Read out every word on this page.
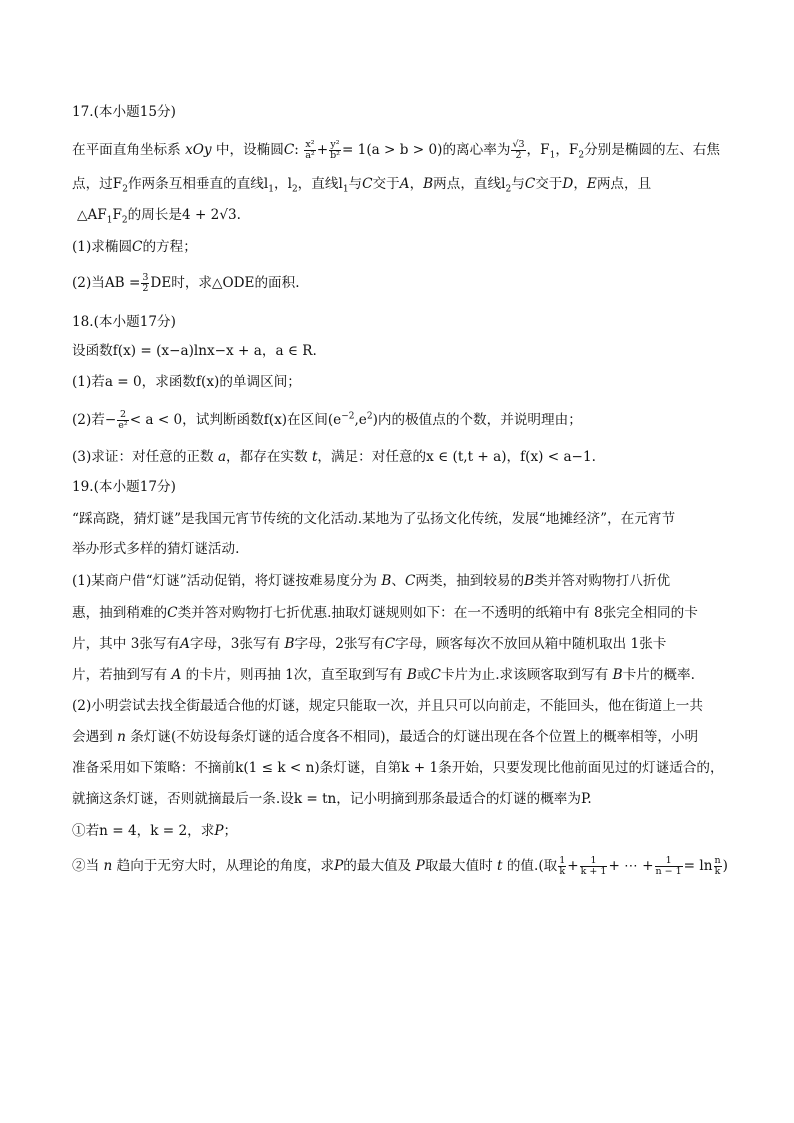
17.(本小题15分)
在平面直角坐标系 xOy 中，设椭圆C: $\frac{\text{x²}}{\text{a²}} + \frac{\text{y²}}{\text{b²}} = 1(a > b > 0)$的离心率为 $\frac{√3}{2}$ ，$F_1$，$F_2$分别是椭圆的左、右焦
点，过$F_2$作两条互相垂直的直线$l_1$，$l_2$，直线$l_1$与C交于A，B两点，直线$l_2$与C交于D，E两点，且
$\triangle AF_1F_2$的周长是4 + 2√3.
(1)求椭圆C的方程；
(2)当AB = $\frac{3}{2}$ DE时，求△ODE的面积.
18.(本小题17分)
设函数f(x) = (x−a)lnx−x + a，a ∈ R.
(1)若a = 0，求函数f(x)的单调区间；
(2)若− $\frac{2}{\text{e²}} < a < 0$，试判断函数f(x)在区间$(e^{-2},e^2)$内的极值点的个数，并说明理由；
(3)求证：对任意的正数 a，都存在实数 t，满足：对任意的x ∈ (t,t + a)，f(x) < a−1.
19.(本小题17分)
“踩高跷，猜灯谜”是我国元宵节传统的文化活动.某地为了弘扬文化传统，发展“地摊经济”，在元宵节
举办形式多样的猜灯谜活动.
(1)某商户借“灯谜”活动促销，将灯谜按难易度分为 B、C两类，抽到较易的B类并答对购物打八折优
惠，抽到稍难的C类并答对购物打七折优惠.抽取灯谜规则如下：在一不透明的纸箱中有 8张完全相同的卡
片，其中 3张写有A字母，3张写有 B字母，2张写有C字母，顾客每次不放回从箱中随机取出 1张卡
片，若抽到写有 A 的卡片，则再抽 1次，直至取到写有 B或C卡片为止.求该顾客取到写有 B卡片的概率.
(2)小明尝试去找全街最适合他的灯谜，规定只能取一次，并且只可以向前走，不能回头，他在街道上一共
会遇到 n 条灯谜(不妨设每条灯谜的适合度各不相同)，最适合的灯谜出现在各个位置上的概率相等，小明
准备采用如下策略：不摘前k(1 ≤ k < n)条灯谜，自第k + 1条开始，只要发现比他前面见过的灯谜适合的，
就摘这条灯谜，否则就摘最后一条.设k = tn，记小明摘到那条最适合的灯谜的概率为P.
①若n = 4，k = 2，求P；
②当 n 趋向于无穷大时，从理论的角度，求P的最大值及 P取最大值时 t 的值.(取 $\frac{1}{k} + \frac{1}{k + 1}$ + ⋯ + $\frac{1}{n - 1} = \ln \frac{n}{k}$ )
